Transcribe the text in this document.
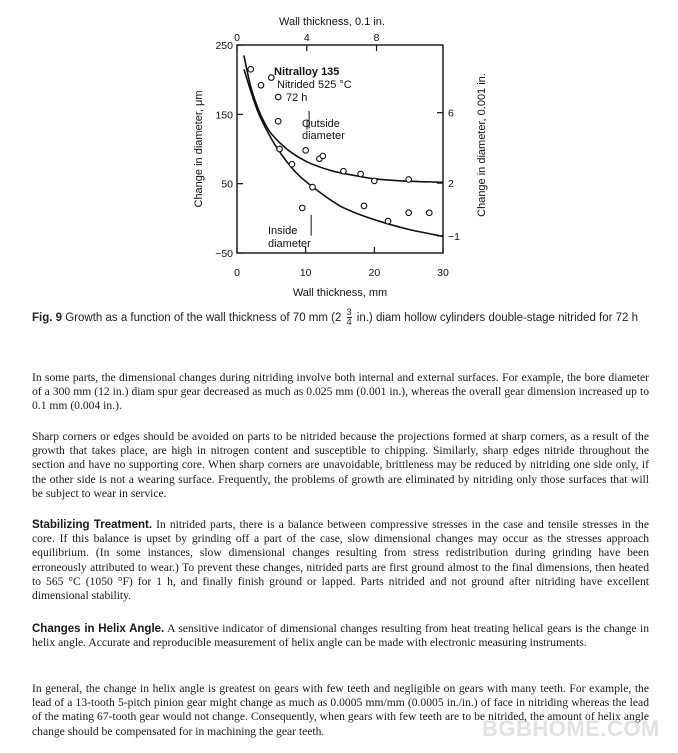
0	10	20	30
0	4	8
250
150
50
−50
6
2
−1
Wall thickness, 0.1 in.
Wall thickness, mm
Change in diameter, μm	Change in diameter, 0.001 in.
Nitralloy 135
Nitrided 525 °C
72 h
Outside
diameter
Inside
diameter
Fig. 9 Growth as a function of the wall thickness of 70 mm $(2 \frac{3}{4} in.)$ diam hollow cylinders double-stage nitrided for 72 h
In some parts, the dimensional changes during nitriding involve both internal and external surfaces. For example, the bore diameter of a 300 mm (12 in.) diam spur gear decreased as much as 0.025 mm (0.001 in.), whereas the overall gear dimension increased up to 0.1 mm (0.004 in.).
Sharp corners or edges should be avoided on parts to be nitrided because the projections formed at sharp corners, as a result of the growth that takes place, are high in nitrogen content and susceptible to chipping. Similarly, sharp edges nitride throughout the section and have no supporting core. When sharp corners are unavoidable, brittleness may be reduced by nitriding one side only, if the other side is not a wearing surface. Frequently, the problems of growth are eliminated by nitriding only those surfaces that will be subject to wear in service.
Stabilizing Treatment. In nitrided parts, there is a balance between compressive stresses in the case and tensile stresses in the core. If this balance is upset by grinding off a part of the case, slow dimensional changes may occur as the stresses approach equilibrium. (In some instances, slow dimensional changes resulting from stress redistribution during grinding have been erroneously attributed to wear.) To prevent these changes, nitrided parts are first ground almost to the final dimensions, then heated to 565 °C (1050 °F) for 1 h, and finally finish ground or lapped. Parts nitrided and not ground after nitriding have excellent dimensional stability.
Changes in Helix Angle. A sensitive indicator of dimensional changes resulting from heat treating helical gears is the change in helix angle. Accurate and reproducible measurement of helix angle can be made with electronic measuring instruments.
In general, the change in helix angle is greatest on gears with few teeth and negligible on gears with many teeth. For example, the lead of a 13-tooth 5-pitch pinion gear might change as much as 0.0005 mm/mm (0.0005 in./in.) of face in nitriding whereas the lead of the mating 67-tooth gear would not change. Consequently, when gears with few teeth are to be nitrided, the amount of helix angle change should be compensated for in machining the gear teeth.	BGBHOME.COM
